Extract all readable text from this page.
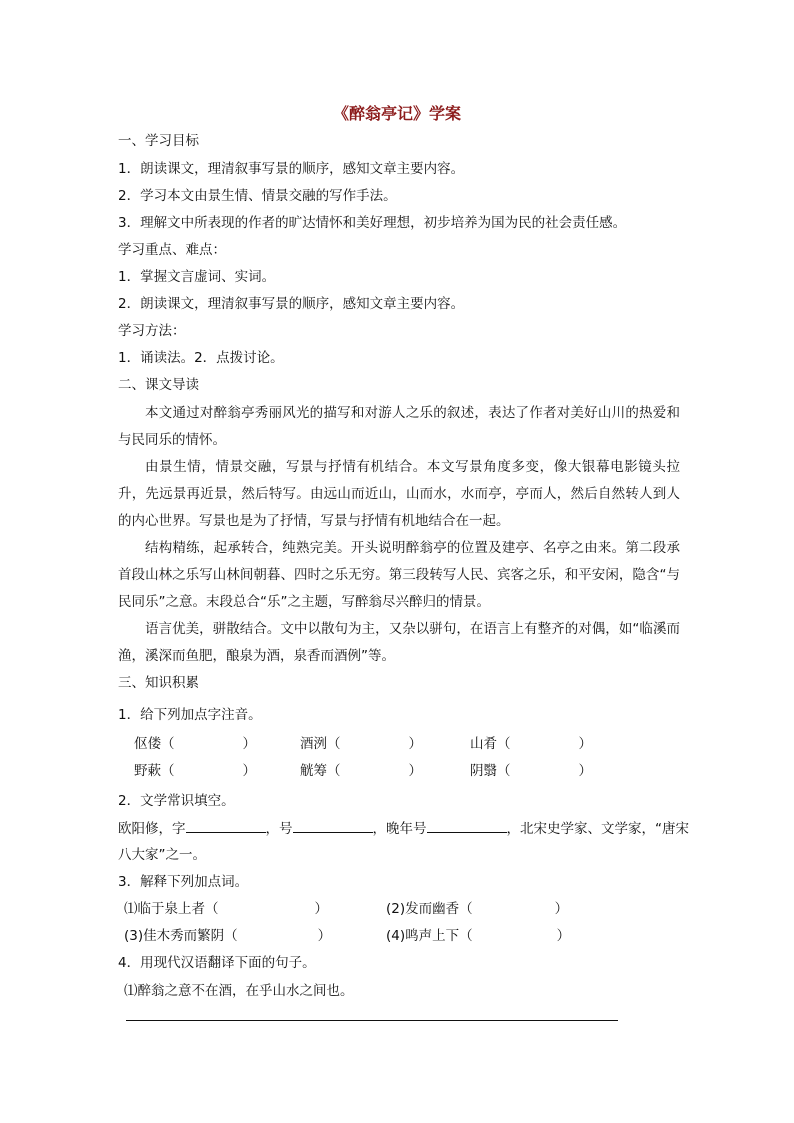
《醉翁亭记》学案
一、学习目标
1．朗读课文，理清叙事写景的顺序，感知文章主要内容。
2．学习本文由景生情、情景交融的写作手法。
3．理解文中所表现的作者的旷达情怀和美好理想，初步培养为国为民的社会责任感。
学习重点、难点：
1．掌握文言虚词、实词。
2．朗读课文，理清叙事写景的顺序，感知文章主要内容。
学习方法：
1．诵读法。2．点拨讨论。
二、课文导读
本文通过对醉翁亭秀丽风光的描写和对游人之乐的叙述，表达了作者对美好山川的热爱和与民同乐的情怀。
由景生情，情景交融，写景与抒情有机结合。本文写景角度多变，像大银幕电影镜头拉升，先远景再近景，然后特写。由远山而近山，山而水，水而亭，亭而人，然后自然转人到人的内心世界。写景也是为了抒情，写景与抒情有机地结合在一起。
结构精练，起承转合，纯熟完美。开头说明醉翁亭的位置及建亭、名亭之由来。第二段承首段山林之乐写山林间朝暮、四时之乐无穷。第三段转写人民、宾客之乐，和平安闲，隐含“与民同乐”之意。末段总合“乐”之主题，写醉翁尽兴醉归的情景。
语言优美，骈散结合。文中以散句为主，又杂以骈句，在语言上有整齐的对偶，如“临溪而渔，溪深而鱼肥，酿泉为酒，泉香而酒例”等。
三、知识积累
1．给下列加点字注音。
伛偻（	）	酒洌（	）	山肴（	）
野蔌（	）	觥筹（	）	阴翳（	）
2．文学常识填空。
欧阳修，字	，号	，晚年号	，北宋史学家、文学家，“唐宋
八大家”之一。
3．解释下列加点词。
⑴临于泉上者（	）	(2)发而幽香（	）
(3)佳木秀而繁阴（	）	(4)鸣声上下（	）
4．用现代汉语翻译下面的句子。
⑴醉翁之意不在酒，在乎山水之间也。
